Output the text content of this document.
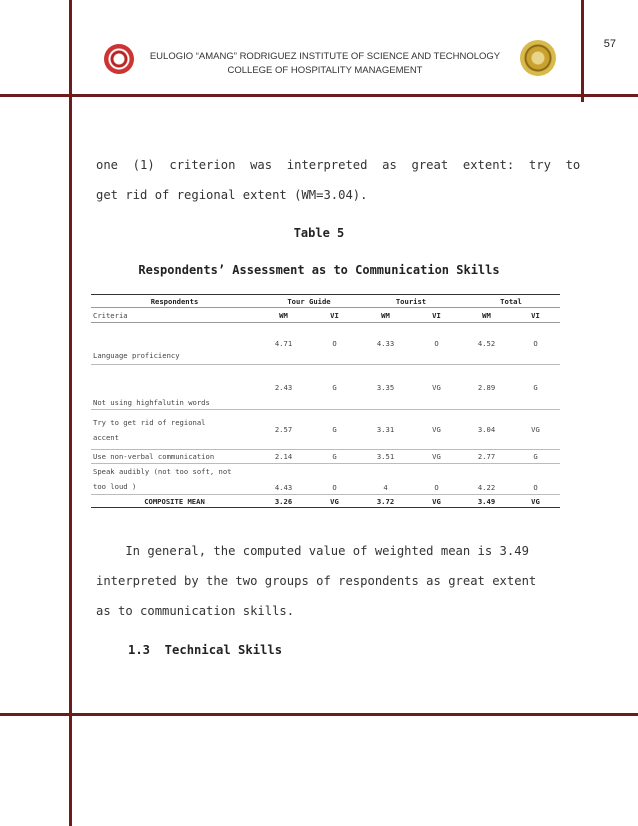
57
EULOGIO “AMANG” RODRIGUEZ INSTITUTE OF SCIENCE AND TECHNOLOGY
COLLEGE OF HOSPITALITY MANAGEMENT
one  (1)  criterion  was  interpreted  as  great  extent:  try  to
get rid of regional extent (WM=3.04).
Table 5
Respondents’ Assessment as to Communication Skills
Respondents	Tour Guide		Tourist		Total	
Criteria	WM	VI	WM	VI	WM	VI
Language proficiency	4.71	O	4.33	O	4.52	O
Not using highfalutin words	2.43	G	3.35	VG	2.89	G

Try to get rid of regional
accent	2.57	G	3.31	VG	3.04	VG
Use non-verbal communication	2.14	G	3.51	VG	2.77	G

Speak audibly (not too soft, not
too loud )	4.43	O	4	O	4.22	O
COMPOSITE MEAN	3.26	VG	3.72	VG	3.49	VG
In general, the computed value of weighted mean is 3.49
interpreted by the two groups of respondents as great extent
as to communication skills.
1.3  Technical Skills
